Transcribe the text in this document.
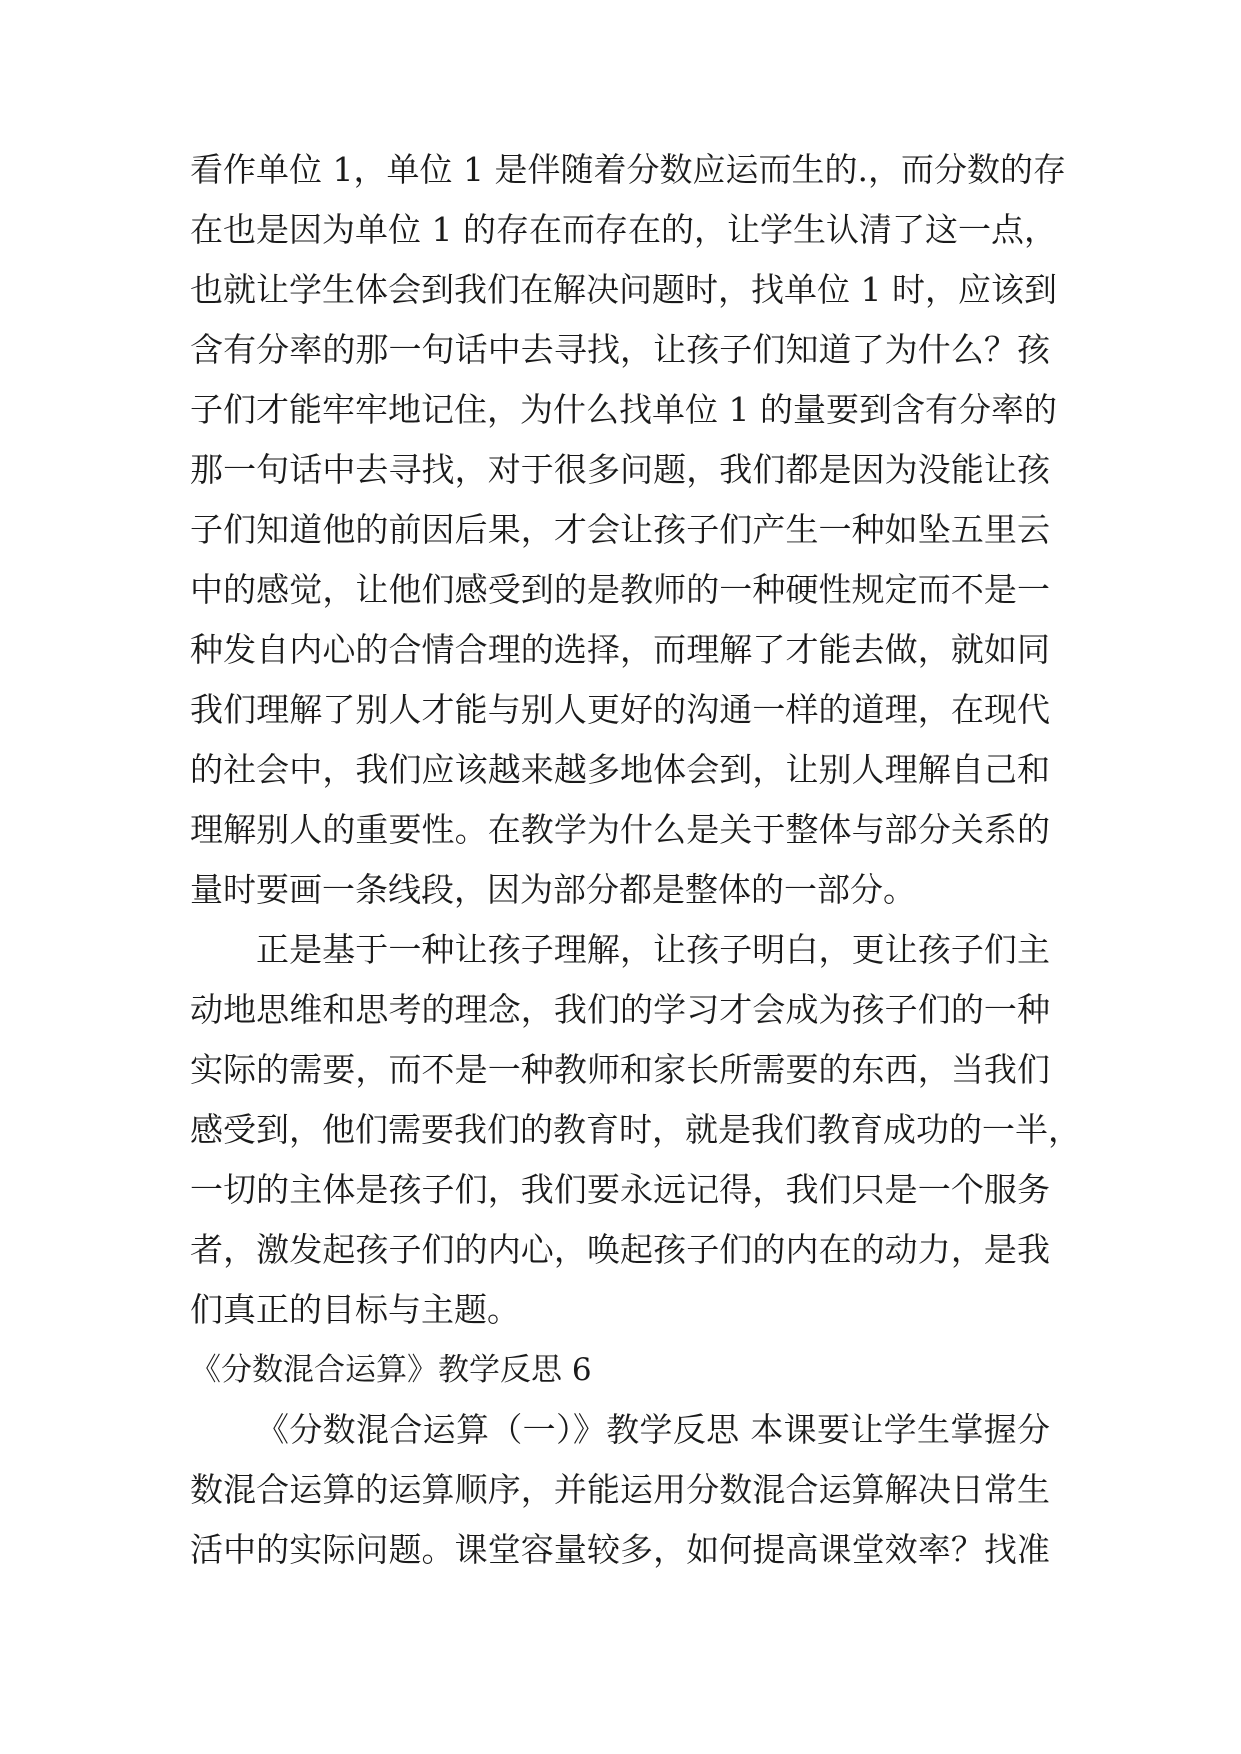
看作单位 1，单位 1 是伴随着分数应运而生的.，而分数的存
在也是因为单位 1 的存在而存在的，让学生认清了这一点，
也就让学生体会到我们在解决问题时，找单位 1 时，应该到
含有分率的那一句话中去寻找，让孩子们知道了为什么？孩
子们才能牢牢地记住，为什么找单位 1 的量要到含有分率的
那一句话中去寻找，对于很多问题，我们都是因为没能让孩
子们知道他的前因后果，才会让孩子们产生一种如坠五里云
中的感觉，让他们感受到的是教师的一种硬性规定而不是一
种发自内心的合情合理的选择，而理解了才能去做，就如同
我们理解了别人才能与别人更好的沟通一样的道理，在现代
的社会中，我们应该越来越多地体会到，让别人理解自己和
理解别人的重要性。在教学为什么是关于整体与部分关系的
量时要画一条线段，因为部分都是整体的一部分。
正是基于一种让孩子理解，让孩子明白，更让孩子们主
动地思维和思考的理念，我们的学习才会成为孩子们的一种
实际的需要，而不是一种教师和家长所需要的东西，当我们
感受到，他们需要我们的教育时，就是我们教育成功的一半，
一切的主体是孩子们，我们要永远记得，我们只是一个服务
者，激发起孩子们的内心，唤起孩子们的内在的动力，是我
们真正的目标与主题。
《分数混合运算》教学反思 6
《分数混合运算（一）》教学反思 本课要让学生掌握分
数混合运算的运算顺序，并能运用分数混合运算解决日常生
活中的实际问题。课堂容量较多，如何提高课堂效率？找准
